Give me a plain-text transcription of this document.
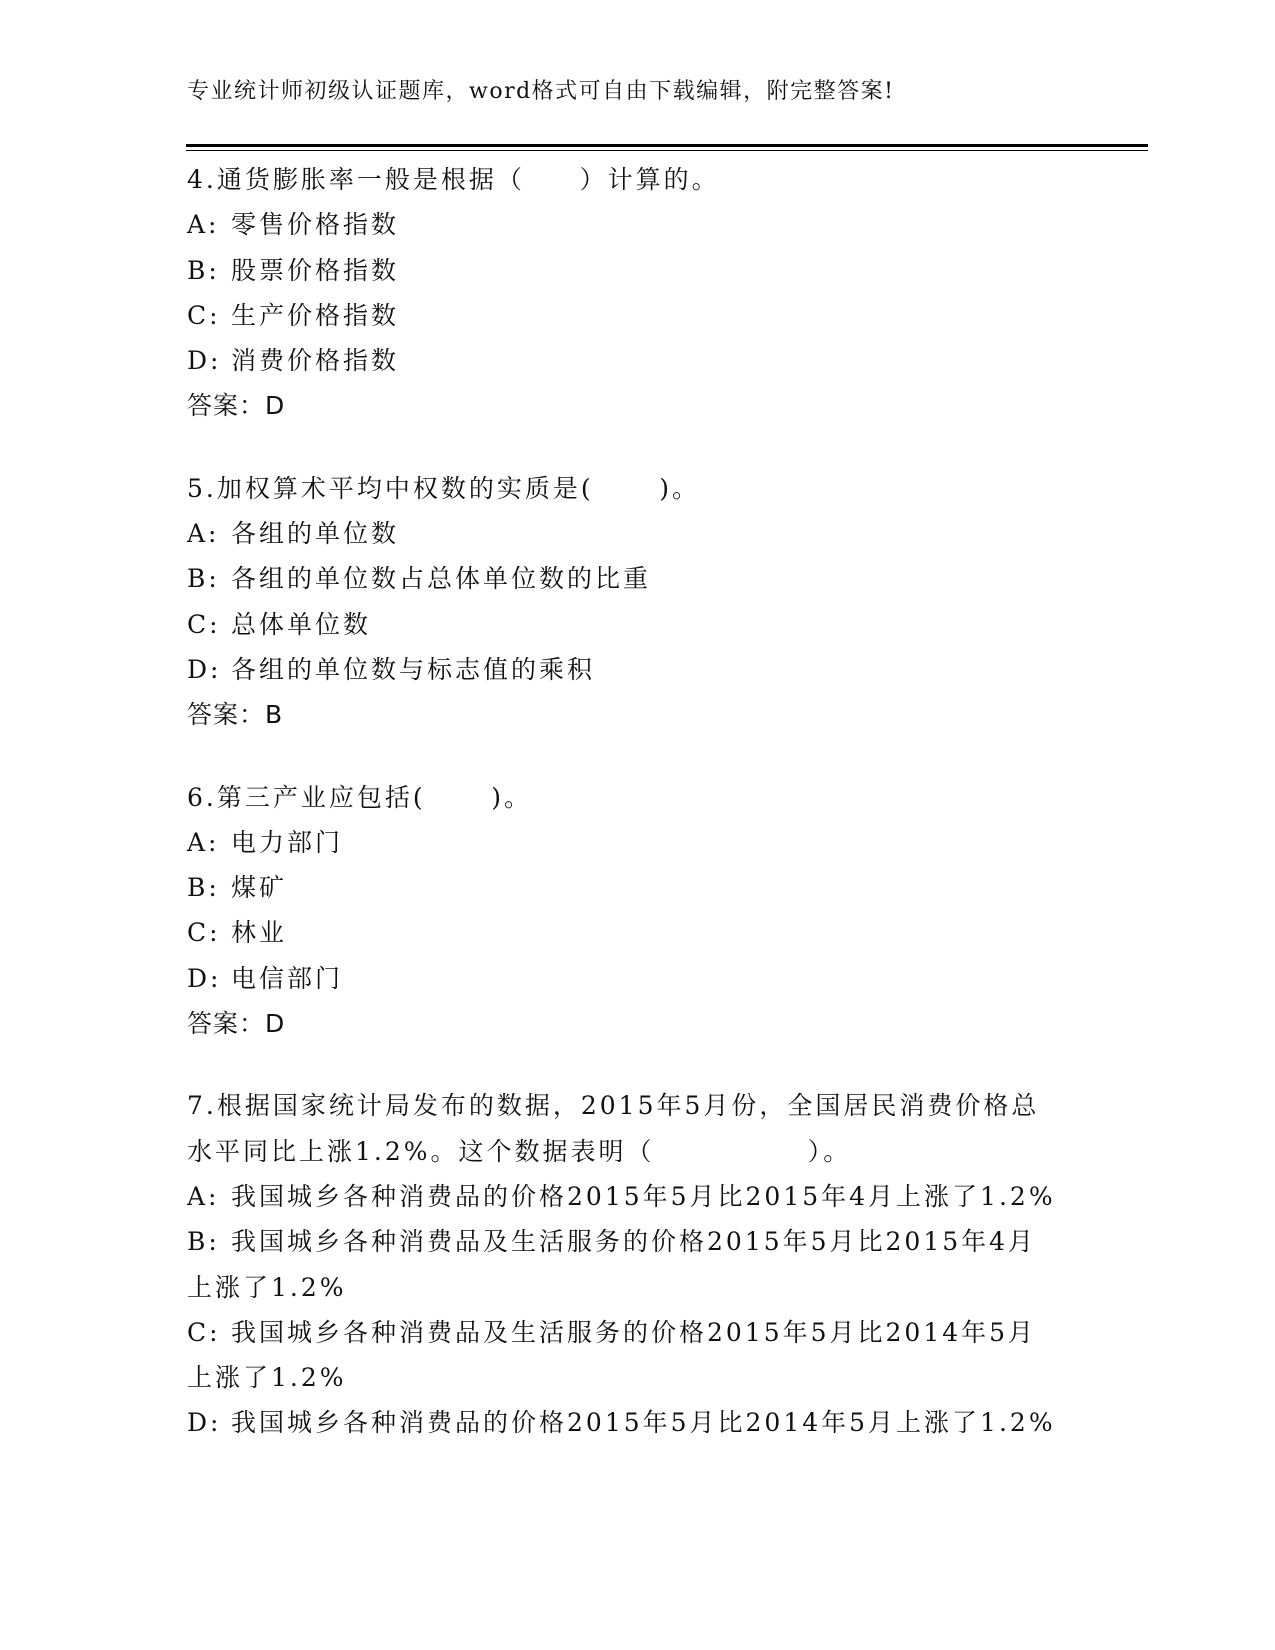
专业统计师初级认证题库，word格式可自由下载编辑，附完整答案!
4.通货膨胀率一般是根据（     ）计算的。
A: 零售价格指数
B: 股票价格指数
C: 生产价格指数
D: 消费价格指数
答案：D
5.加权算术平均中权数的实质是(      )。
A: 各组的单位数
B: 各组的单位数占总体单位数的比重
C: 总体单位数
D: 各组的单位数与标志值的乘积
答案：B
6.第三产业应包括(      )。
A: 电力部门
B: 煤矿
C: 林业
D: 电信部门
答案：D
7.根据国家统计局发布的数据，2015年5月份，全国居民消费价格总
水平同比上涨1.2%。这个数据表明（              ）。
A: 我国城乡各种消费品的价格2015年5月比2015年4月上涨了1.2%
B: 我国城乡各种消费品及生活服务的价格2015年5月比2015年4月
上涨了1.2%
C: 我国城乡各种消费品及生活服务的价格2015年5月比2014年5月
上涨了1.2%
D: 我国城乡各种消费品的价格2015年5月比2014年5月上涨了1.2%
